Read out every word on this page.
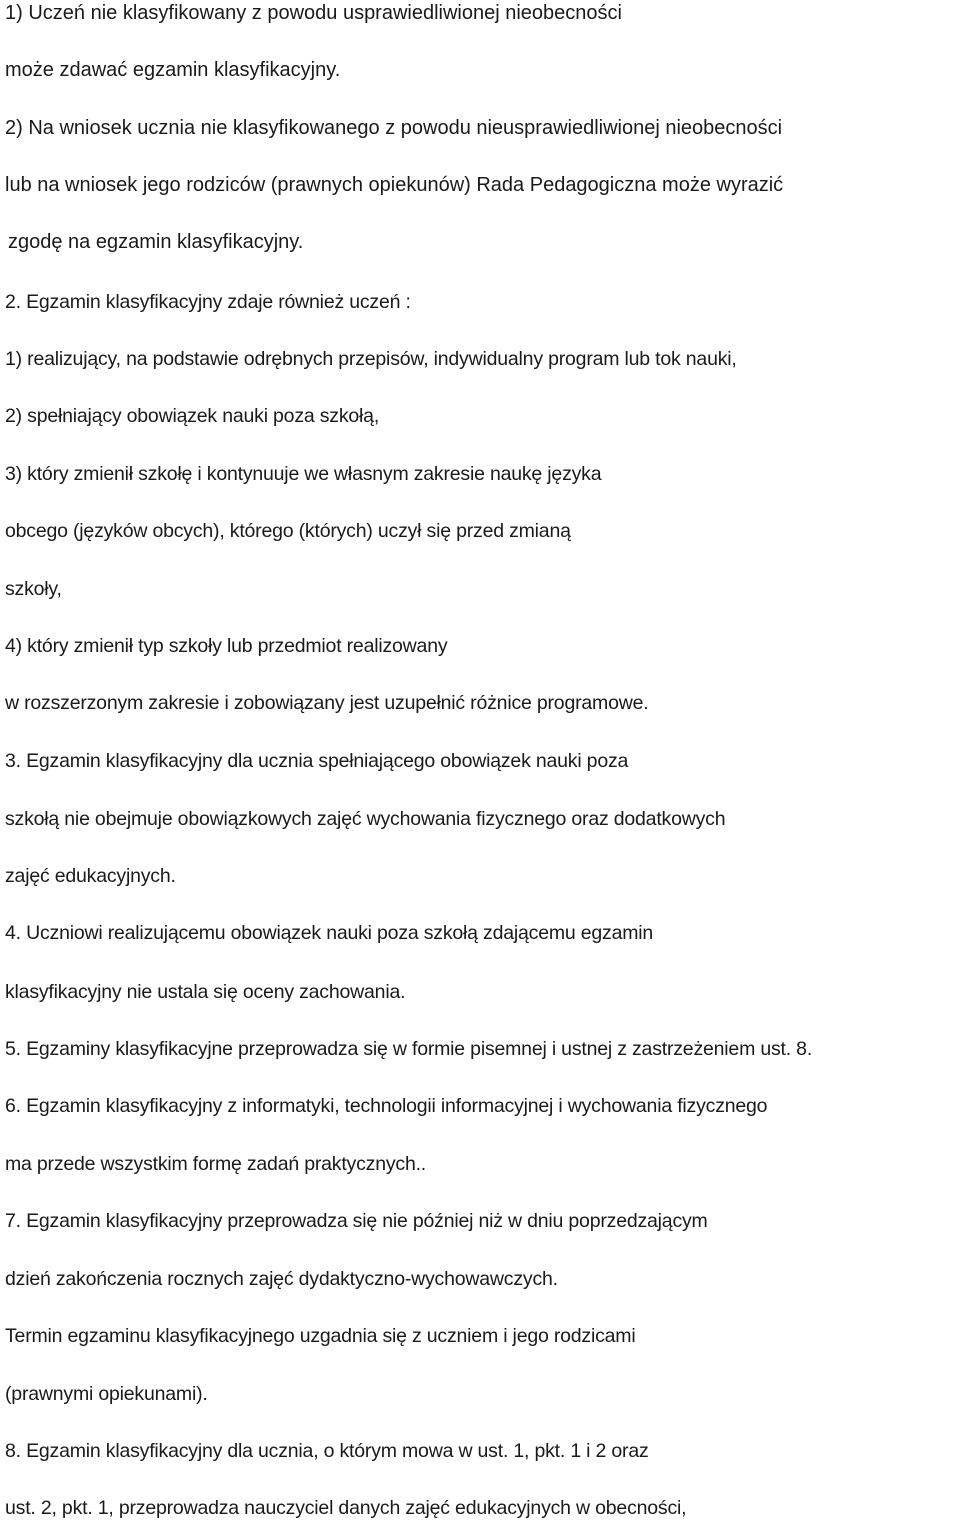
1) Uczeń nie klasyfikowany z powodu usprawiedliwionej nieobecności
może zdawać egzamin klasyfikacyjny.
2) Na wniosek ucznia nie klasyfikowanego z powodu nieusprawiedliwionej nieobecności
lub na wniosek jego rodziców (prawnych opiekunów) Rada Pedagogiczna może wyrazić
zgodę na egzamin klasyfikacyjny.
2. Egzamin klasyfikacyjny zdaje również uczeń :
1) realizujący, na podstawie odrębnych przepisów, indywidualny program lub tok nauki,
2) spełniający obowiązek nauki poza szkołą,
3) który zmienił szkołę i kontynuuje we własnym zakresie naukę języka
obcego (języków obcych), którego (których) uczył się przed zmianą
szkoły,
4) który zmienił typ szkoły lub przedmiot realizowany
w rozszerzonym zakresie i zobowiązany jest uzupełnić różnice programowe.
3. Egzamin klasyfikacyjny dla ucznia spełniającego obowiązek nauki poza
szkołą nie obejmuje obowiązkowych zajęć wychowania fizycznego oraz dodatkowych
zajęć edukacyjnych.
4. Uczniowi realizującemu obowiązek nauki poza szkołą zdającemu egzamin
klasyfikacyjny nie ustala się oceny zachowania.
5. Egzaminy klasyfikacyjne przeprowadza się w formie pisemnej i ustnej z zastrzeżeniem ust. 8.
6. Egzamin klasyfikacyjny z informatyki, technologii informacyjnej i wychowania fizycznego
ma przede wszystkim formę zadań praktycznych..
7. Egzamin klasyfikacyjny przeprowadza się nie później niż w dniu poprzedzającym
dzień zakończenia rocznych zajęć dydaktyczno-wychowawczych.
Termin egzaminu klasyfikacyjnego uzgadnia się z uczniem i jego rodzicami
(prawnymi opiekunami).
8. Egzamin klasyfikacyjny dla ucznia, o którym mowa w ust. 1, pkt. 1 i 2 oraz
ust. 2, pkt. 1, przeprowadza nauczyciel danych zajęć edukacyjnych w obecności,
